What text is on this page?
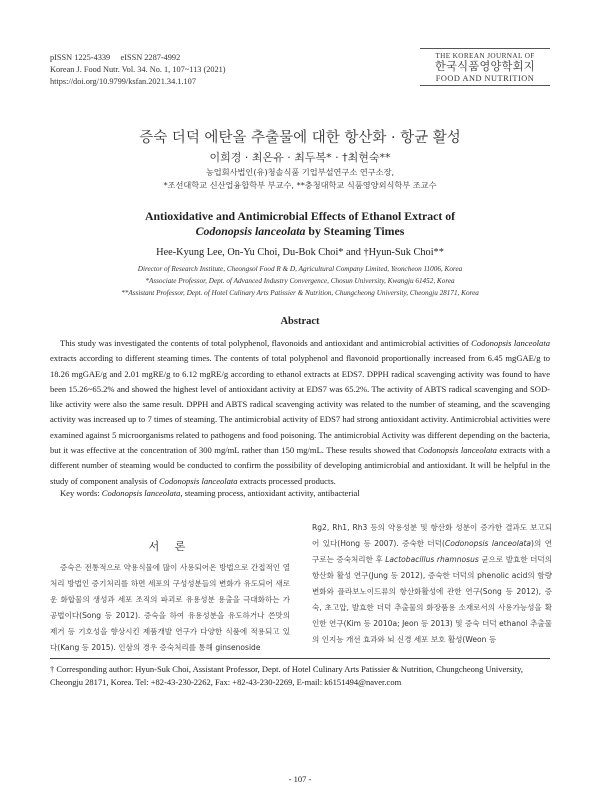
pISSN 1225-4339     eISSN 2287-4992
Korean J. Food Nutr. Vol. 34. No. 1, 107~113 (2021)
https://doi.org/10.9799/ksfan.2021.34.1.107
THE KOREAN JOURNAL OF
한국식품영양학회지
FOOD AND NUTRITION
증숙 더덕 에탄올 추출물에 대한 항산화 · 항균 활성
이희경 · 최온유 · 최두복* · †최현숙**
농업회사법인(유)청솔식품 기업부설연구소 연구소장,
*조선대학교 신산업융합학부 부교수, **충청대학교 식품영양외식학부 조교수
Antioxidative and Antimicrobial Effects of Ethanol Extract of
Codonopsis lanceolata by Steaming Times
Hee-Kyung Lee, On-Yu Choi, Du-Bok Choi* and †Hyun-Suk Choi**
Director of Research Institute, Cheongsol Food R & D, Agricultural Company Limited, Yeoncheon 11006, Korea
*Associate Professor, Dept. of Advanced Industry Convergence, Chosun University, Kwangju 61452, Korea
**Assistant Professor, Dept. of Hotel Culinary Arts Patissier & Nutrition, Chungcheong University, Cheongju 28171, Korea
Abstract
This study was investigated the contents of total polyphenol, flavonoids and antioxidant and antimicrobial activities of Codonopsis lanceolata extracts according to different steaming times. The contents of total polyphenol and flavonoid proportionally increased from 6.45 mgGAE/g to 18.26 mgGAE/g and 2.01 mgRE/g to 6.12 mgRE/g according to ethanol extracts at EDS7. DPPH radical scavenging activity was found to have been 15.26~65.2% and showed the highest level of antioxidant activity at EDS7 was 65.2%. The activity of ABTS radical scavenging and SOD-like activity were also the same result. DPPH and ABTS radical scavenging activity was related to the number of steaming, and the scavenging activity was increased up to 7 times of steaming. The antimicrobial activity of EDS7 had strong antioxidant activity. Antimicrobial activities were examined against 5 microorganisms related to pathogens and food poisoning. The antimicrobial Activity was different depending on the bacteria, but it was effective at the concentration of 300 mg/mL rather than 150 mg/mL. These results showed that Codonopsis lanceolata extracts with a different number of steaming would be conducted to confirm the possibility of developing antimicrobial and antioxidant. It will be helpful in the study of component analysis of Codonopsis lanceolata extracts processed products.
Key words: Codonopsis lanceolata, steaming process, antioxidant activity, antibacterial
서 론
증숙은 전통적으로 약용식물에 많이 사용되어온 방법으로 간접적인 열처리 방법인 증기처리를 하면 세포의 구성성분들의 변화가 유도되어 새로운 화합물의 생성과 세포 조직의 파괴로 유용성분 용출을 극대화하는 가공법이다(Song 등 2012). 증숙을 하여 유용성분을 유도하거나 쓴맛의 제거 등 기호성을 향상시킨 제품개발 연구가 다양한 식품에 적용되고 있다(Kang 등 2015). 인삼의 경우 증숙처리를 통해 ginsenoside
Rg2, Rh1, Rh3 등의 약용성분 및 항산화 성분이 증가한 결과도 보고되어 있다(Hong 등 2007). 증숙한 더덕(Codonopsis lanceolata)의 연구로는 증숙처리한 후 Lactobacillus rhamnosus 균으로 발효한 더덕의 항산화 활성 연구(Jung 등 2012), 증숙한 더덕의 phenolic acid의 함량 변화와 플라보노이드류의 항산화활성에 관한 연구(Song 등 2012), 증숙, 초고압, 발효한 더덕 추출물의 화장품용 소재로서의 사용가능성을 확인한 연구(Kim 등 2010a; Jeon 등 2013) 및 증숙 더덕 ethanol 추출물의 인지능 개선 효과와 뇌 신경 세포 보호 활성(Weon 등
† Corresponding author: Hyun-Suk Choi, Assistant Professor, Dept. of Hotel Culinary Arts Patissier & Nutrition, Chungcheong University, Cheongju 28171, Korea. Tel: +82-43-230-2262, Fax: +82-43-230-2269, E-mail: k6151494@naver.com
- 107 -
